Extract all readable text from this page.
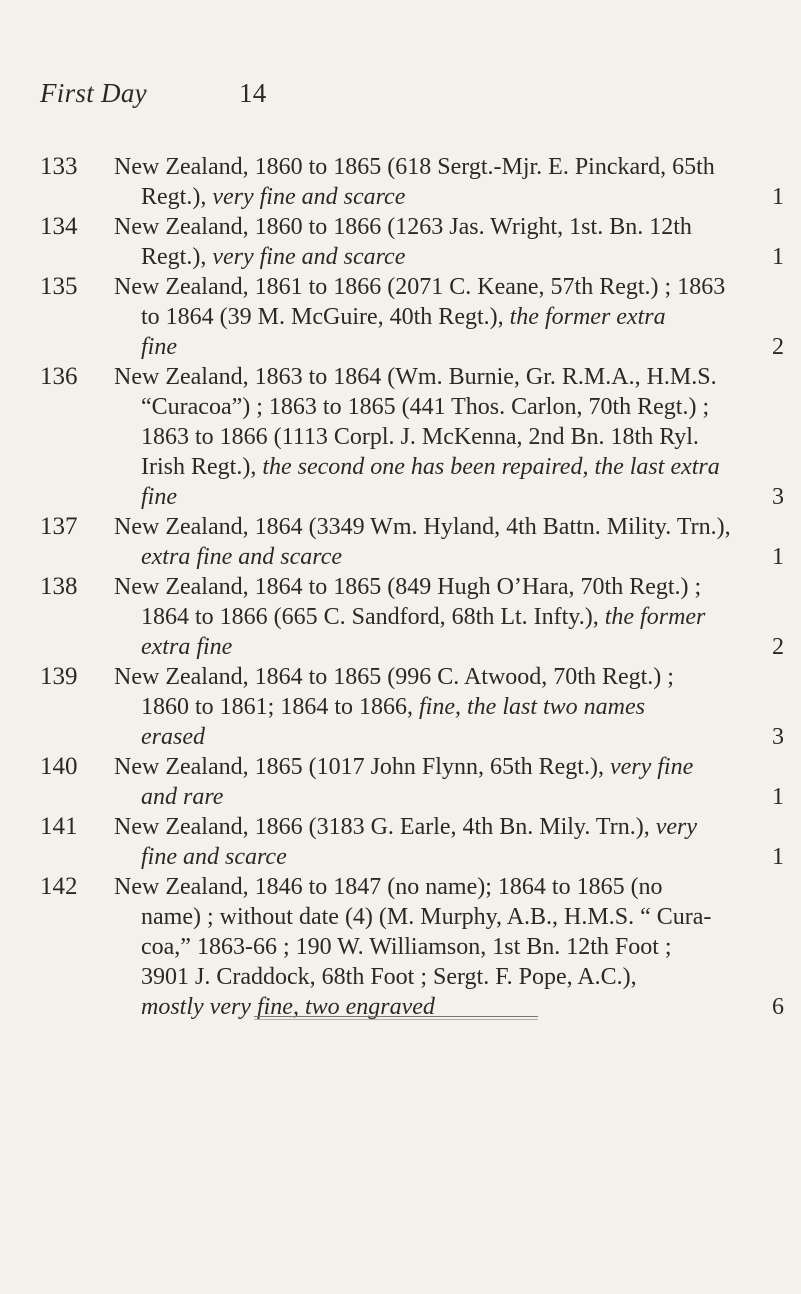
First Day	14
133	New Zealand, 1860 to 1865 (618 Sergt.-Mjr. E. Pinckard, 65th
Regt.), very fine and scarce	1
134	New Zealand, 1860 to 1866 (1263 Jas. Wright, 1st. Bn. 12th
Regt.), very fine and scarce	1
135	New Zealand, 1861 to 1866 (2071 C. Keane, 57th Regt.) ; 1863
to 1864 (39 M. McGuire, 40th Regt.), the former extra
fine	2
136	New Zealand, 1863 to 1864 (Wm. Burnie, Gr. R.M.A., H.M.S.
“Curacoa”) ; 1863 to 1865 (441 Thos. Carlon, 70th Regt.) ;
1863 to 1866 (1113 Corpl. J. McKenna, 2nd Bn. 18th Ryl.
Irish Regt.), the second one has been repaired, the last extra
fine	3
137	New Zealand, 1864 (3349 Wm. Hyland, 4th Battn. Mility. Trn.),
extra fine and scarce	1
138	New Zealand, 1864 to 1865 (849 Hugh O’Hara, 70th Regt.) ;
1864 to 1866 (665 C. Sandford, 68th Lt. Infty.), the former
extra fine	2
139	New Zealand, 1864 to 1865 (996 C. Atwood, 70th Regt.) ;
1860 to 1861; 1864 to 1866, fine, the last two names
erased	3
140	New Zealand, 1865 (1017 John Flynn, 65th Regt.), very fine
and rare	1
141	New Zealand, 1866 (3183 G. Earle, 4th Bn. Mily. Trn.), very
fine and scarce	1
142	New Zealand, 1846 to 1847 (no name); 1864 to 1865 (no
name) ; without date (4) (M. Murphy, A.B., H.M.S. “ Cura-
coa,” 1863-66 ; 190 W. Williamson, 1st Bn. 12th Foot ;
3901 J. Craddock, 68th Foot ; Sergt. F. Pope, A.C.),
mostly very fine, two engraved	6
